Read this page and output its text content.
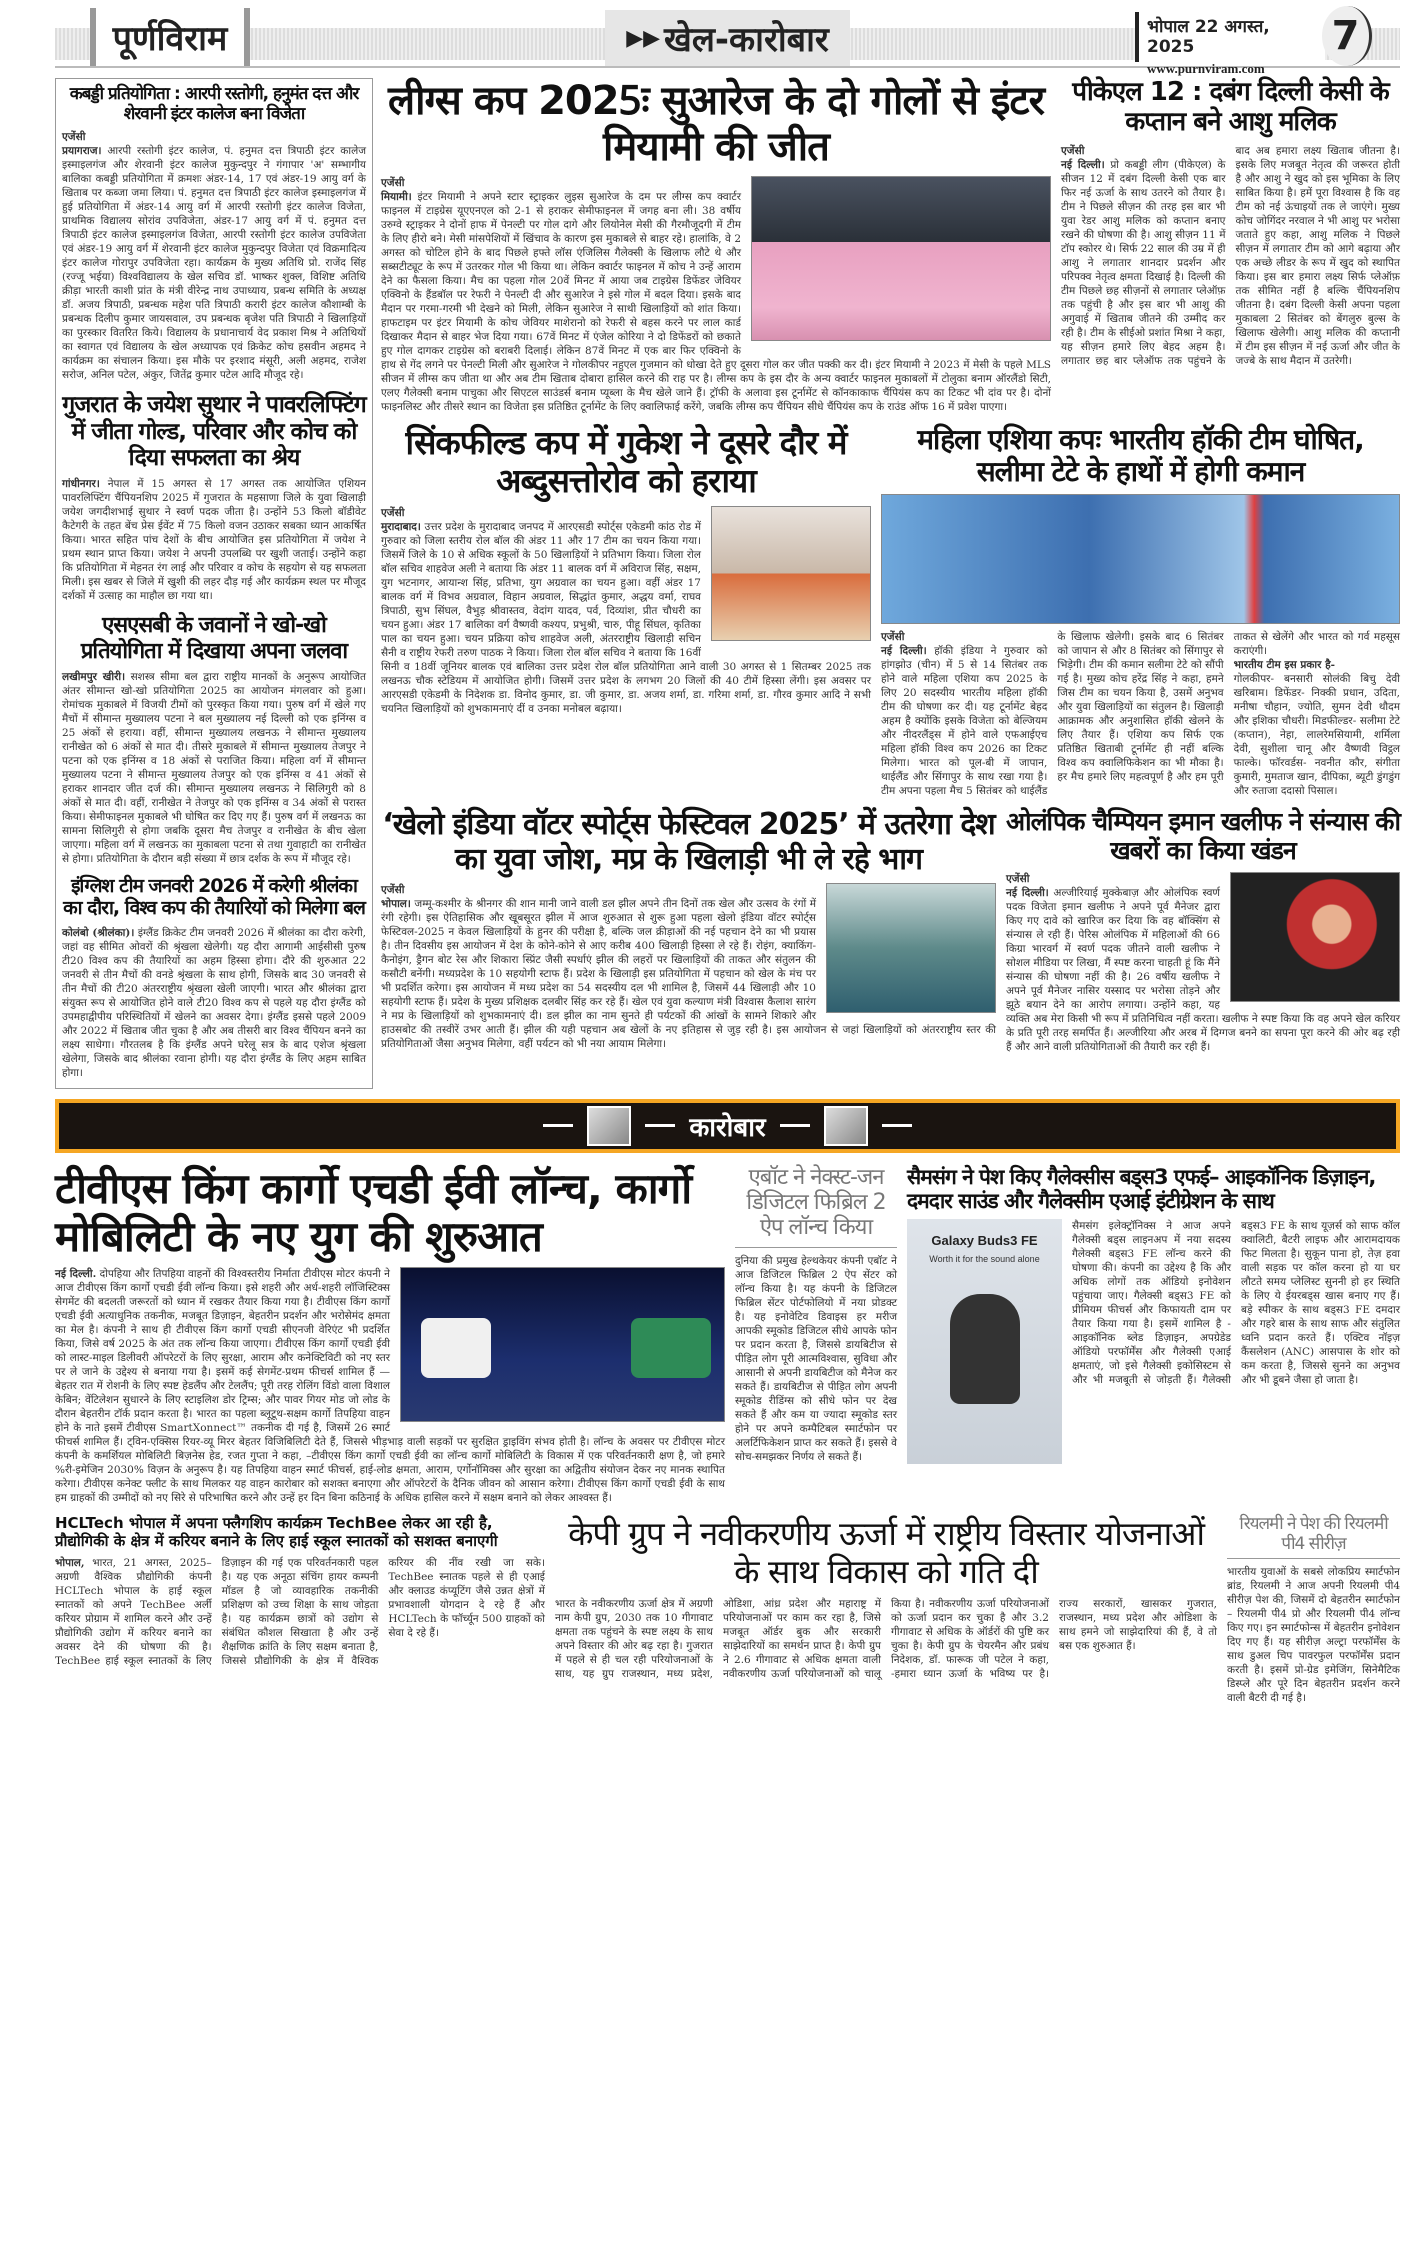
पूर्णविराम	▶▶ खेल-कारोबार	भोपाल 22 अगस्त, 2025
www.purnviram.com
7
कबड्डी प्रतियोगिता : आरपी रस्तोगी, हनुमंत दत्त और शेरवानी इंटर कालेज बना विजेता
एजेंसी
प्रयागराज। आरपी रस्तोगी इंटर कालेज, पं. हनुमत दत्त त्रिपाठी इंटर कालेज इस्माइलगंज और शेरवानी इंटर कालेज मुकुन्दपुर ने गंगापार 'अ' सम्भागीय बालिका कबड्डी प्रतियोगिता में क्रमशः अंडर-14, 17 एवं अंडर-19 आयु वर्ग के खिताब पर कब्जा जमा लिया। पं. हनुमत दत्त त्रिपाठी इंटर कालेज इस्माइलगंज में हुई प्रतियोगिता में अंडर-14 आयु वर्ग में आरपी रस्तोगी इंटर कालेज विजेता, प्राथमिक विद्यालय सोरांव उपविजेता, अंडर-17 आयु वर्ग में पं. हनुमत दत्त त्रिपाठी इंटर कालेज इस्माइलगंज विजेता, आरपी रस्तोगी इंटर कालेज उपविजेता एवं अंडर-19 आयु वर्ग में शेरवानी इंटर कालेज मुकुन्दपुर विजेता एवं विक्रमादित्य इंटर कालेज गोरापुर उपविजेता रहा। कार्यक्रम के मुख्य अतिथि प्रो. राजेंद सिंह (रज्जू भईया) विश्वविद्यालय के खेल सचिव डॉ. भाष्कर शुक्ल, विशिष्ट अतिथि क्रीड़ा भारती काशी प्रांत के मंत्री वीरेन्द्र नाथ उपाध्याय, प्रबन्ध समिति के अध्यक्ष डॉ. अजय त्रिपाठी, प्रबन्धक महेश पति त्रिपाठी करारी इंटर कालेज कौशाम्बी के प्रबन्धक दिलीप कुमार जायसवाल, उप प्रबन्धक बृजेश पति त्रिपाठी ने खिलाड़ियों का पुरस्कार वितरित किये। विद्यालय के प्रधानाचार्य वेद प्रकाश मिश्र ने अतिथियों का स्वागत एवं विद्यालय के खेल अध्यापक एवं क्रिकेट कोच हसवीन अहमद ने कार्यक्रम का संचालन किया। इस मौके पर इरशाद मंसूरी, अली अहमद, राजेश सरोज, अनिल पटेल, अंकुर, जितेंद्र कुमार पटेल आदि मौजूद रहे।
गुजरात के जयेश सुथार ने पावरलिफ्टिंग में जीता गोल्ड, परिवार और कोच को दिया सफलता का श्रेय
गांधीनगर। नेपाल में 15 अगस्त से 17 अगस्त तक आयोजित एशियन पावरलिफ्टिंग चैंपियनशिप 2025 में गुजरात के महसाणा जिले के युवा खिलाड़ी जयेश जगदीशभाई सुथार ने स्वर्ण पदक जीता है। उन्होंने 53 किलो बॉडीवेट कैटेगरी के तहत बेंच प्रेस ईवेंट में 75 किलो वजन उठाकर सबका ध्यान आकर्षित किया। भारत सहित पांच देशों के बीच आयोजित इस प्रतियोगिता में जयेश ने प्रथम स्थान प्राप्त किया। जयेश ने अपनी उपलब्धि पर खुशी जताई। उन्होंने कहा कि प्रतियोगिता में मेहनत रंग लाई और परिवार व कोच के सहयोग से यह सफलता मिली। इस खबर से जिले में खुशी की लहर दौड़ गई और कार्यक्रम स्थल पर मौजूद दर्शकों में उत्साह का माहौल छा गया था।
एसएसबी के जवानों ने खो-खो प्रतियोगिता में दिखाया अपना जलवा
लखीमपुर खीरी। सशस्त्र सीमा बल द्वारा राष्ट्रीय मानकों के अनुरूप आयोजित अंतर सीमान्त खो-खो प्रतियोगिता 2025 का आयोजन मंगलवार को हुआ। रोमांचक मुकाबले में विजयी टीमों को पुरस्कृत किया गया। पुरुष वर्ग में खेले गए मैचों में सीमान्त मुख्यालय पटना ने बल मुख्यालय नई दिल्ली को एक इनिंग्स व 25 अंकों से हराया। वहीं, सीमान्त मुख्यालय लखनऊ ने सीमान्त मुख्यालय रानीखेत को 6 अंकों से मात दी। तीसरे मुकाबले में सीमान्त मुख्यालय तेजपुर ने पटना को एक इनिंग्स व 18 अंकों से पराजित किया। महिला वर्ग में सीमान्त मुख्यालय पटना ने सीमान्त मुख्यालय तेजपुर को एक इनिंग्स व 41 अंकों से हराकर शानदार जीत दर्ज की। सीमान्त मुख्यालय लखनऊ ने सिलिगुरी को 8 अंकों से मात दी। वहीं, रानीखेत ने तेजपुर को एक इनिंग्स व 34 अंकों से परास्त किया। सेमीफाइनल मुकाबले भी घोषित कर दिए गए हैं। पुरुष वर्ग में लखनऊ का सामना सिलिगुरी से होगा जबकि दूसरा मैच तेजपुर व रानीखेत के बीच खेला जाएगा। महिला वर्ग में लखनऊ का मुकाबला पटना से तथा गुवाहाटी का रानीखेत से होगा। प्रतियोगिता के दौरान बड़ी संख्या में छात्र दर्शक के रूप में मौजूद रहे।
इंग्लिश टीम जनवरी 2026 में करेगी श्रीलंका का दौरा, विश्व कप की तैयारियों को मिलेगा बल
कोलंबो (श्रीलंका)। इंग्लैंड क्रिकेट टीम जनवरी 2026 में श्रीलंका का दौरा करेगी, जहां वह सीमित ओवरों की श्रृंखला खेलेगी। यह दौरा आगामी आईसीसी पुरुष टी20 विश्व कप की तैयारियों का अहम हिस्सा होगा। दौरे की शुरुआत 22 जनवरी से तीन मैचों की वनडे श्रृंखला के साथ होगी, जिसके बाद 30 जनवरी से तीन मैचों की टी20 अंतरराष्ट्रीय श्रृंखला खेली जाएगी। भारत और श्रीलंका द्वारा संयुक्त रूप से आयोजित होने वाले टी20 विश्व कप से पहले यह दौरा इंग्लैंड को उपमहाद्वीपीय परिस्थितियों में खेलने का अवसर देगा। इंग्लैंड इससे पहले 2009 और 2022 में खिताब जीत चुका है और अब तीसरी बार विश्व चैंपियन बनने का लक्ष्य साधेगा। गौरतलब है कि इंग्लैंड अपने घरेलू सत्र के बाद एशेज श्रृंखला खेलेगा, जिसके बाद श्रीलंका रवाना होगी। यह दौरा इंग्लैंड के लिए अहम साबित होगा।
लीग्स कप 2025ः सुआरेज के दो गोलों से इंटर मियामी की जीत
एजेंसी
मियामी। इंटर मियामी ने अपने स्टार स्ट्राइकर लुइस सुआरेज के दम पर लीग्स कप क्वार्टर फाइनल में टाइग्रेस यूएएनएल को 2-1 से हराकर सेमीफाइनल में जगह बना ली। 38 वर्षीय उरुग्वे स्ट्राइकर ने दोनों हाफ में पेनल्टी पर गोल दागे और लियोनेल मेसी की गैरमौजूदगी में टीम के लिए हीरो बने। मेसी मांसपेशियों में खिंचाव के कारण इस मुकाबले से बाहर रहे। हालांकि, वे 2 अगस्त को चोटिल होने के बाद पिछले हफ्ते लॉस एंजिलिस गैलेक्सी के खिलाफ लौटे थे और सब्सटीट्यूट के रूप में उतरकर गोल भी किया था। लेकिन क्वार्टर फाइनल में कोच ने उन्हें आराम देने का फैसला किया। मैच का पहला गोल 20वें मिनट में आया जब टाइग्रेस डिफेंडर जेवियर एक्विनो के हैंडबॉल पर रेफरी ने पेनल्टी दी और सुआरेज ने इसे गोल में बदल दिया। इसके बाद मैदान पर गरमा-गरमी भी देखने को मिली, लेकिन सुआरेज ने साथी खिलाड़ियों को शांत किया। हाफटाइम पर इंटर मियामी के कोच जेवियर माशेरानो को रेफरी से बहस करने पर लाल कार्ड दिखाकर मैदान से बाहर भेज दिया गया। 67वें मिनट में एंजेल कोरिया ने दो डिफेंडरों को छकाते हुए गोल दागकर टाइग्रेस को बराबरी दिलाई। लेकिन 87वें मिनट में एक बार फिर एक्विनो के हाथ से गेंद लगने पर पेनल्टी मिली और सुआरेज ने गोलकीपर नहुएल गुजमान को धोखा देते हुए दूसरा गोल कर जीत पक्की कर दी। इंटर मियामी ने 2023 में मेसी के पहले MLS सीजन में लीग्स कप जीता था और अब टीम खिताब दोबारा हासिल करने की राह पर है। लीग्स कप के इस दौर के अन्य क्वार्टर फाइनल मुकाबलों में टोलुका बनाम ऑरलैंडो सिटी, एलए गैलेक्सी बनाम पाचुका और सिएटल साउंडर्स बनाम प्यूब्ला के मैच खेले जाने हैं। ट्रॉफी के अलावा इस टूर्नामेंट से कॉनकाकाफ चैंपियंस कप का टिकट भी दांव पर है। दोनों फाइनलिस्ट और तीसरे स्थान का विजेता इस प्रतिष्ठित टूर्नामेंट के लिए क्वालिफाई करेंगे, जबकि लीग्स कप चैंपियन सीधे चैंपियंस कप के राउंड ऑफ 16 में प्रवेश पाएगा।
पीकेएल 12 : दबंग दिल्ली केसी के कप्तान बने आशु मलिक
एजेंसी
नई दिल्ली। प्रो कबड्डी लीग (पीकेएल) के सीजन 12 में दबंग दिल्ली केसी एक बार फिर नई ऊर्जा के साथ उतरने को तैयार है। टीम ने पिछले सीज़न की तरह इस बार भी युवा रेडर आशु मलिक को कप्तान बनाए रखने की घोषणा की है। आशु सीज़न 11 में टॉप स्कोरर थे। सिर्फ 22 साल की उम्र में ही आशु ने लगातार शानदार प्रदर्शन और परिपक्व नेतृत्व क्षमता दिखाई है। दिल्ली की टीम पिछले छह सीज़नों से लगातार प्लेऑफ़ तक पहुंची है और इस बार भी आशु की अगुवाई में खिताब जीतने की उम्मीद कर रही है। टीम के सीईओ प्रशांत मिश्रा ने कहा, यह सीज़न हमारे लिए बेहद अहम है। लगातार छह बार प्लेऑफ तक पहुंचने के बाद अब हमारा लक्ष्य खिताब जीतना है। इसके लिए मजबूत नेतृत्व की जरूरत होती है और आशु ने खुद को इस भूमिका के लिए साबित किया है। हमें पूरा विश्वास है कि वह टीम को नई ऊंचाइयों तक ले जाएंगे। मुख्य कोच जोगिंदर नरवाल ने भी आशु पर भरोसा जताते हुए कहा, आशु मलिक ने पिछले सीज़न में लगातार टीम को आगे बढ़ाया और एक अच्छे लीडर के रूप में खुद को स्थापित किया। इस बार हमारा लक्ष्य सिर्फ प्लेऑफ़ तक सीमित नहीं है बल्कि चैंपियनशिप जीतना है। दबंग दिल्ली केसी अपना पहला मुकाबला 2 सितंबर को बेंगलुरु बुल्स के खिलाफ खेलेगी। आशु मलिक की कप्तानी में टीम इस सीज़न में नई ऊर्जा और जीत के जज्बे के साथ मैदान में उतरेगी।
सिंकफील्ड कप में गुकेश ने दूसरे दौर में अब्दुसत्तोरोव को हराया
एजेंसी
मुरादाबाद। उत्तर प्रदेश के मुरादाबाद जनपद में आरएसडी स्पोर्ट्स एकेडमी कांठ रोड में गुरुवार को जिला स्तरीय रोल बॉल की अंडर 11 और 17 टीम का चयन किया गया। जिसमें जिले के 10 से अधिक स्कूलों के 50 खिलाड़ियों ने प्रतिभाग किया। जिला रोल बॉल सचिव शाहवेज अली ने बताया कि अंडर 11 बालक वर्ग में अविराज सिंह, सक्षम, युग भटनागर, आयान्श सिंह, प्रतिभा, युग अग्रवाल का चयन हुआ। वहीं अंडर 17 बालक वर्ग में विभव अग्रवाल, विहान अग्रवाल, सिद्धांत कुमार, अद्धय वर्मा, राघव त्रिपाठी, सुभ सिंघल, वैभुड़ श्रीवास्तव, वेदांग यादव, पर्व, दिव्यांश, प्रीत चौधरी का चयन हुआ। अंडर 17 बालिका वर्ग वैष्णवी कश्यप, प्रभुश्री, चारु, पीहू सिंघल, कृतिका पाल का चयन हुआ। चयन प्रक्रिया कोच शाहवेज अली, अंतरराष्ट्रीय खिलाड़ी सचिन सैनी व राष्ट्रीय रेफरी तरुण पाठक ने किया। जिला रोल बॉल सचिव ने बताया कि 16वीं सिनी व 18वीं जूनियर बालक एवं बालिका उत्तर प्रदेश रोल बॉल प्रतियोगिता आने वाली 30 अगस्त से 1 सितम्बर 2025 तक लखनऊ चौक स्टेडियम में आयोजित होगी। जिसमें उत्तर प्रदेश के लगभग 20 जिलों की 40 टीमें हिस्सा लेंगी। इस अवसर पर आरएसडी एकेडमी के निदेशक डा. विनोद कुमार, डा. जी कुमार, डा. अजय शर्मा, डा. गरिमा शर्मा, डा. गौरव कुमार आदि ने सभी चयनित खिलाड़ियों को शुभकामनाएं दीं व उनका मनोबल बढ़ाया।
महिला एशिया कपः भारतीय हॉकी टीम घोषित, सलीमा टेटे के हाथों में होगी कमान
एजेंसी
नई दिल्ली। हॉकी इंडिया ने गुरुवार को हांगझोउ (चीन) में 5 से 14 सितंबर तक होने वाले महिला एशिया कप 2025 के लिए 20 सदस्यीय भारतीय महिला हॉकी टीम की घोषणा कर दी। यह टूर्नामेंट बेहद अहम है क्योंकि इसके विजेता को बेल्जियम और नीदरलैंड्स में होने वाले एफआईएच महिला हॉकी विश्व कप 2026 का टिकट मिलेगा। भारत को पूल-बी में जापान, थाईलैंड और सिंगापुर के साथ रखा गया है। टीम अपना पहला मैच 5 सितंबर को थाईलैंड के खिलाफ खेलेगी। इसके बाद 6 सितंबर को जापान से और 8 सितंबर को सिंगापुर से भिड़ेगी। टीम की कमान सलीमा टेटे को सौंपी गई है। मुख्य कोच हरेंद्र सिंह ने कहा, हमने जिस टीम का चयन किया है, उसमें अनुभव और युवा खिलाड़ियों का संतुलन है। खिलाड़ी आक्रामक और अनुशासित हॉकी खेलने के लिए तैयार हैं। एशिया कप सिर्फ एक प्रतिष्ठित खिताबी टूर्नामेंट ही नहीं बल्कि विश्व कप क्वालिफिकेशन का भी मौका है। हर मैच हमारे लिए महत्वपूर्ण है और हम पूरी ताकत से खेलेंगे और भारत को गर्व महसूस कराएंगी।
भारतीय टीम इस प्रकार है-
गोलकीपर- बनसारी सोलंकी बिचु देवी खरिबाम। डिफेंडर- निक्की प्रधान, उदिता, मनीषा चौहान, ज्योति, सुमन देवी थौदम और इशिका चौधरी। मिडफील्डर- सलीमा टेटे (कप्तान), नेहा, लालरेमसियामी, शर्मिला देवी, सुशीला चानू और वैष्णवी विट्ठल फाल्के। फॉरवर्डस- नवनीत कौर, संगीता कुमारी, मुमताज खान, दीपिका, ब्यूटी डुंगडुंग और रुताजा ददासो पिसाल।
‘खेलो इंडिया वॉटर स्पोर्ट्स फेस्टिवल 2025’ में उतरेगा देश का युवा जोश, मप्र के खिलाड़ी भी ले रहे भाग
एजेंसी
भोपाल। जम्मू-कश्मीर के श्रीनगर की शान मानी जाने वाली डल झील अपने तीन दिनों तक खेल और उत्सव के रंगों में रंगी रहेगी। इस ऐतिहासिक और खूबसूरत झील में आज शुरुआत से शुरू हुआ पहला खेलो इंडिया वॉटर स्पोर्ट्स फेस्टिवल-2025 न केवल खिलाड़ियों के हुनर की परीक्षा है, बल्कि जल क्रीड़ाओं की नई पहचान देने का भी प्रयास है। तीन दिवसीय इस आयोजन में देश के कोने-कोने से आए करीब 400 खिलाड़ी हिस्सा ले रहे हैं। रोइंग, क्याकिंग-कैनोइंग, ड्रैगन बोट रेस और शिकारा स्प्रिंट जैसी स्पर्धाएं झील की लहरों पर खिलाड़ियों की ताकत और संतुलन की कसौटी बनेंगी। मध्यप्रदेश के 10 सहयोगी स्टाफ हैं। प्रदेश के खिलाड़ी इस प्रतियोगिता में पहचान को खेल के मंच पर भी प्रदर्शित करेगा। इस आयोजन में मध्य प्रदेश का 54 सदस्यीय दल भी शामिल है, जिसमें 44 खिलाड़ी और 10 सहयोगी स्टाफ हैं। प्रदेश के मुख्य प्रशिक्षक दलबीर सिंह कर रहे हैं। खेल एवं युवा कल्याण मंत्री विश्वास कैलाश सारंग ने मप्र के खिलाड़ियों को शुभकामनाएं दी। डल झील का नाम सुनते ही पर्यटकों की आंखों के सामने शिकारे और हाउसबोट की तस्वीरें उभर आती हैं। झील की यही पहचान अब खेलों के नए इतिहास से जुड़ रही है। इस आयोजन से जहां खिलाड़ियों को अंतरराष्ट्रीय स्तर की प्रतियोगिताओं जैसा अनुभव मिलेगा, वहीं पर्यटन को भी नया आयाम मिलेगा।
ओलंपिक चैम्पियन इमान खलीफ ने संन्यास की खबरों का किया खंडन
एजेंसी
नई दिल्ली। अल्जीरियाई मुक्केबाज़ और ओलंपिक स्वर्ण पदक विजेता इमान खलीफ ने अपने पूर्व मैनेजर द्वारा किए गए दावे को खारिज कर दिया कि वह बॉक्सिंग से संन्यास ले रही हैं। पेरिस ओलंपिक में महिलाओं की 66 किग्रा भारवर्ग में स्वर्ण पदक जीतने वाली खलीफ ने सोशल मीडिया पर लिखा, मैं स्पष्ट करना चाहती हूं कि मैंने संन्यास की घोषणा नहीं की है। 26 वर्षीय खलीफ ने अपने पूर्व मैनेजर नासिर यस्साद पर भरोसा तोड़ने और झूठे बयान देने का आरोप लगाया। उन्होंने कहा, यह व्यक्ति अब मेरा किसी भी रूप में प्रतिनिधित्व नहीं करता। खलीफ ने स्पष्ट किया कि वह अपने खेल करियर के प्रति पूरी तरह समर्पित हैं। अल्जीरिया और अरब में दिग्गज बनने का सपना पूरा करने की ओर बढ़ रही हैं और आने वाली प्रतियोगिताओं की तैयारी कर रही हैं।
कारोबार
टीवीएस किंग कार्गो एचडी ईवी लॉन्च, कार्गो मोबिलिटी के नए युग की शुरुआत
नई दिल्ली. दोपहिया और तिपहिया वाहनों की विश्वस्तरीय निर्माता टीवीएस मोटर कंपनी ने आज टीवीएस किंग कार्गो एचडी ईवी लॉन्च किया। इसे शहरी और अर्ध-शहरी लॉजिस्टिक्स सेगमेंट की बदलती जरूरतों को ध्यान में रखकर तैयार किया गया है। टीवीएस किंग कार्गो एचडी ईवी अत्याधुनिक तकनीक, मजबूत डिज़ाइन, बेहतरीन प्रदर्शन और भरोसेमंद क्षमता का मेल है। कंपनी ने साथ ही टीवीएस किंग कार्गो एचडी सीएनजी वेरिएंट भी प्रदर्शित किया, जिसे वर्ष 2025 के अंत तक लॉन्च किया जाएगा। टीवीएस किंग कार्गो एचडी ईवी को लास्ट-माइल डिलीवरी ऑपरेटरों के लिए सुरक्षा, आराम और कनेक्टिविटी को नए स्तर पर ले जाने के उद्देश्य से बनाया गया है। इसमें कई सेगमेंट-प्रथम फीचर्स शामिल हैं — बेहतर रात में रोशनी के लिए स्पष्ट हेडलैंप और टेललैंप; पूरी तरह रोलिंग विंडो वाला विशाल केबिन; वेंटिलेशन सुधारने के लिए स्टाइलिश डोर ट्रिम्स; और पावर गियर मोड जो लोड के दौरान बेहतरीन टॉर्क प्रदान करता है। भारत का पहला ब्लूटूथ-सक्षम कार्गो तिपहिया वाहन होने के नाते इसमें टीवीएस SmartXonnect™ तकनीक दी गई है, जिसमें 26 स्मार्ट फीचर्स शामिल हैं। ट्विन-एक्सिस रियर-व्यू मिरर बेहतर विजिबिलिटी देते हैं, जिससे भीड़भाड़ वाली सड़कों पर सुरक्षित ड्राइविंग संभव होती है। लॉन्च के अवसर पर टीवीएस मोटर कंपनी के कमर्शियल मोबिलिटी बिज़नेस हेड, रजत गुप्ता ने कहा, –टीवीएस किंग कार्गो एचडी ईवी का लॉन्च कार्गो मोबिलिटी के विकास में एक परिवर्तनकारी क्षण है, जो हमारे %री-इमेजिन 2030% विज़न के अनुरूप है। यह तिपहिया वाहन स्मार्ट फीचर्स, हाई-लोड क्षमता, आराम, एर्गोनॉमिक्स और सुरक्षा का अद्वितीय संयोजन देकर नए मानक स्थापित करेगा। टीवीएस कनेक्ट फ्लीट के साथ मिलकर यह वाहन कारोबार को सशक्त बनाएगा और ऑपरेटरों के दैनिक जीवन को आसान करेगा। टीवीएस किंग कार्गो एचडी ईवी के साथ हम ग्राहकों की उम्मीदों को नए सिरे से परिभाषित करने और उन्हें हर दिन बिना कठिनाई के अधिक हासिल करने में सक्षम बनाने को लेकर आश्वस्त हैं।
एबॉट ने नेक्स्ट-जन डिजिटल फिब्रिल 2 ऐप लॉन्च किया
दुनिया की प्रमुख हेल्थकेयर कंपनी एबॉट ने आज डिजिटल फिब्रिल 2 ऐप सेंटर को लॉन्च किया है। यह कंपनी के डिजिटल फिब्रिल सेंटर पोर्टफोलियो में नया प्रोडक्ट है। यह इनोवेटिव डिवाइस हर मरीज आपकी स्मूकोड डिजिटल सीधे आपके फोन पर प्रदान करता है, जिससे डायबिटीज से पीड़ित लोग पूरी आत्मविश्वास, सुविधा और आसानी से अपनी डायबिटीज को मैनेज कर सकते हैं। डायबिटीज से पीड़ित लोग अपनी स्मूकोड रीडिंग्स को सीधे फोन पर देख सकते हैं और कम या ज्यादा स्मूकोड स्तर होने पर अपने कम्पैटिबल स्मार्टफोन पर अलर्टिफिकेशन प्राप्त कर सकते हैं। इससे वे सोच-समझकर निर्णय ले सकते हैं।
सैमसंग ने पेश किए गैलेक्सीस बड्स3 एफई– आइकॉनिक डिज़ाइन, दमदार साउंड और गैलेक्सीम एआई इंटीग्रेशन के साथ
Galaxy Buds3 FE
Worth it for the sound alone
सैमसंग इलेक्ट्रॉनिक्स ने आज अपने गैलेक्सी बड्स लाइनअप में नया सदस्य गैलेक्सी बड्स3 FE लॉन्च करने की घोषणा की। कंपनी का उद्देश्य है कि और अधिक लोगों तक ऑडियो इनोवेशन पहुंचाया जाए। गैलेक्सी बड्स3 FE को प्रीमियम फीचर्स और किफायती दाम पर तैयार किया गया है। इसमें शामिल है - आइकॉनिक ब्लेड डिज़ाइन, अपग्रेडेड ऑडियो परफॉर्मेंस और गैलेक्सी एआई क्षमताएं, जो इसे गैलेक्सी इकोसिस्टम से और भी मजबूती से जोड़ती हैं। गैलेक्सी बड्स3 FE के साथ यूज़र्स को साफ कॉल क्वालिटी, बैटरी लाइफ और आरामदायक फिट मिलता है। सुकून पाना हो, तेज़ हवा वाली सड़क पर कॉल करना हो या घर लौटते समय प्लेलिस्ट सुननी हो हर स्थिति के लिए ये ईयरबड्स खास बनाए गए हैं। बड़े स्पीकर के साथ बड्स3 FE दमदार और गहरे बास के साथ साफ और संतुलित ध्वनि प्रदान करते हैं। एक्टिव नॉइज़ कैंसलेशन (ANC) आसपास के शोर को कम करता है, जिससे सुनने का अनुभव और भी डूबने जैसा हो जाता है।
HCLTech भोपाल में अपना फ्लैगशिप कार्यक्रम TechBee लेकर आ रही है, प्रौद्योगिकी के क्षेत्र में करियर बनाने के लिए हाई स्कूल स्नातकों को सशक्त बनाएगी
भोपाल, भारत, 21 अगस्त, 2025–अग्रणी वैश्विक प्रौद्योगिकी कंपनी HCLTech भोपाल के हाई स्कूल स्नातकों को अपने TechBee अर्ली करियर प्रोग्राम में शामिल करने और उन्हें प्रौद्योगिकी उद्योग में करियर बनाने का अवसर देने की घोषणा की है। TechBee हाई स्कूल स्नातकों के लिए डिज़ाइन की गई एक परिवर्तनकारी पहल है। यह एक अनूठा संचिंग हायर कम्पनी मॉडल है जो व्यावहारिक तकनीकी प्रशिक्षण को उच्च शिक्षा के साथ जोड़ता है। यह कार्यक्रम छात्रों को उद्योग से संबंधित कौशल सिखाता है और उन्हें शैक्षणिक क्रांति के लिए सक्षम बनाता है, जिससे प्रौद्योगिकी के क्षेत्र में वैश्विक करियर की नींव रखी जा सके। TechBee स्नातक पहले से ही एआई और क्लाउड कंप्यूटिंग जैसे उन्नत क्षेत्रों में प्रभावशाली योगदान दे रहे हैं और HCLTech के फॉर्च्यून 500 ग्राहकों को सेवा दे रहे हैं।
केपी ग्रुप ने नवीकरणीय ऊर्जा में राष्ट्रीय विस्तार योजनाओं के साथ विकास को गति दी
भारत के नवीकरणीय ऊर्जा क्षेत्र में अग्रणी नाम केपी ग्रुप, 2030 तक 10 गीगावाट क्षमता तक पहुंचने के स्पष्ट लक्ष्य के साथ अपने विस्तार की ओर बढ़ रहा है। गुजरात में पहले से ही चल रही परियोजनाओं के साथ, यह ग्रुप राजस्थान, मध्य प्रदेश, ओडिशा, आंध्र प्रदेश और महाराष्ट्र में परियोजनाओं पर काम कर रहा है, जिसे मजबूत ऑर्डर बुक और सरकारी साझेदारियों का समर्थन प्राप्त है। केपी ग्रुप ने 2.6 गीगावाट से अधिक क्षमता वाली नवीकरणीय ऊर्जा परियोजनाओं को चालू किया है। नवीकरणीय ऊर्जा परियोजनाओं को ऊर्जा प्रदान कर चुका है और 3.2 गीगावाट से अधिक के ऑर्डरों की पुष्टि कर चुका है। केपी ग्रुप के चेयरमैन और प्रबंध निदेशक, डॉ. फारूक जी पटेल ने कहा, -हमारा ध्यान ऊर्जा के भविष्य पर है। राज्य सरकारों, खासकर गुजरात, राजस्थान, मध्य प्रदेश और ओडिशा के साथ हमने जो साझेदारियां की हैं, वे तो बस एक शुरुआत हैं।
रियलमी ने पेश की रियलमी पी4 सीरीज़
भारतीय युवाओं के सबसे लोकप्रिय स्मार्टफोन ब्रांड, रियलमी ने आज अपनी रियलमी पी4 सीरीज़ पेश की, जिसमें दो बेहतरीन स्मार्टफोन – रियलमी पी4 प्रो और रियलमी पी4 लॉन्च किए गए। इन स्मार्टफोन्स में बेहतरीन इनोवेशन दिए गए हैं। यह सीरीज़ अल्ट्रा परफॉर्मेंस के साथ डुअल चिप पावरफुल परफॉर्मेंस प्रदान करती है। इसमें प्रो-ग्रेड इमेजिंग, सिनेमैटिक डिस्प्ले और पूरे दिन बेहतरीन प्रदर्शन करने वाली बैटरी दी गई है।
